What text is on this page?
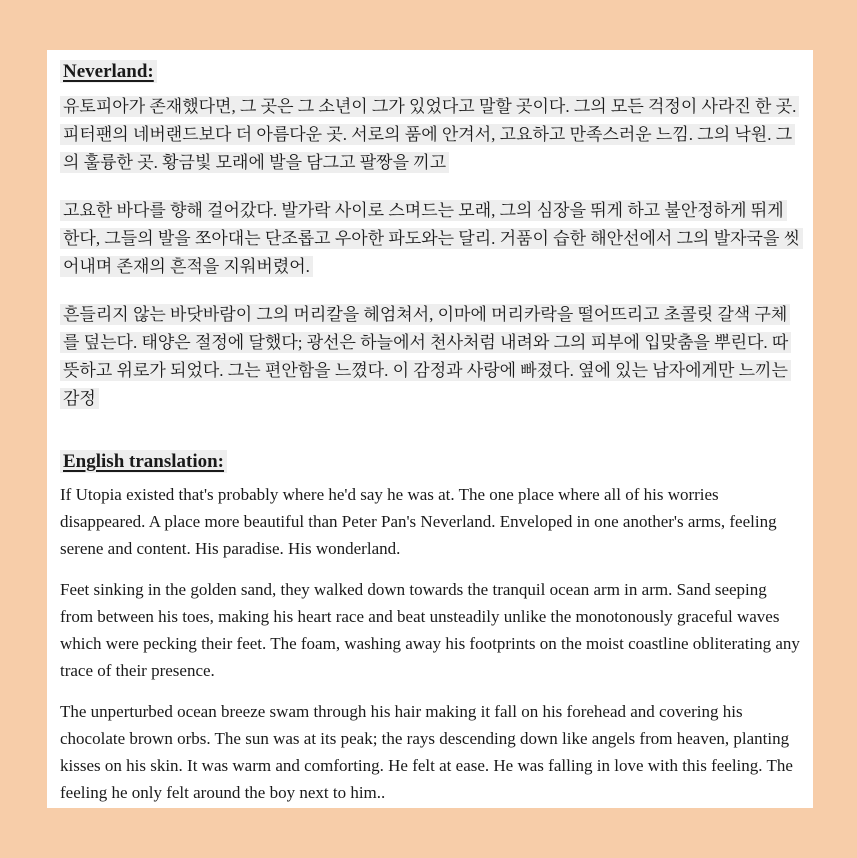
Neverland:

유토피아가 존재했다면, 그 곳은 그 소년이 그가 있었다고 말할 곳이다. 그의 모든 걱정이 사라진 한 곳. 피터팬의 네버랜드보다 더 아름다운 곳. 서로의 품에 안겨서, 고요하고 만족스러운 느낌. 그의 낙원. 그의 훌륭한 곳. 황금빛 모래에 발을 담그고 팔짱을 끼고

고요한 바다를 향해 걸어갔다. 발가락 사이로 스며드는 모래, 그의 심장을 뛰게 하고 불안정하게 뛰게 한다, 그들의 발을 쪼아대는 단조롭고 우아한 파도와는 달리. 거품이 습한 해안선에서 그의 발자국을 씻어내며 존재의 흔적을 지워버렸어.

흔들리지 않는 바닷바람이 그의 머리칼을 헤엄쳐서, 이마에 머리카락을 떨어뜨리고 초콜릿 갈색 구체를 덮는다. 태양은 절정에 달했다; 광선은 하늘에서 천사처럼 내려와 그의 피부에 입맞춤을 뿌린다. 따뜻하고 위로가 되었다. 그는 편안함을 느꼈다. 이 감정과 사랑에 빠졌다. 옆에 있는 남자에게만 느끼는 감정

English translation:

If Utopia existed that's probably where he'd say he was at. The one place where all of his worries disappeared. A place more beautiful than Peter Pan's Neverland. Enveloped in one another's arms, feeling serene and content. His paradise. His wonderland.

Feet sinking in the golden sand, they walked down towards the tranquil ocean arm in arm. Sand seeping from between his toes, making his heart race and beat unsteadily unlike the monotonously graceful waves which were pecking their feet. The foam, washing away his footprints on the moist coastline obliterating any trace of their presence.

The unperturbed ocean breeze swam through his hair making it fall on his forehead and covering his chocolate brown orbs. The sun was at its peak; the rays descending down like angels from heaven, planting kisses on his skin. It was warm and comforting. He felt at ease. He was falling in love with this feeling. The feeling he only felt around the boy next to him..
